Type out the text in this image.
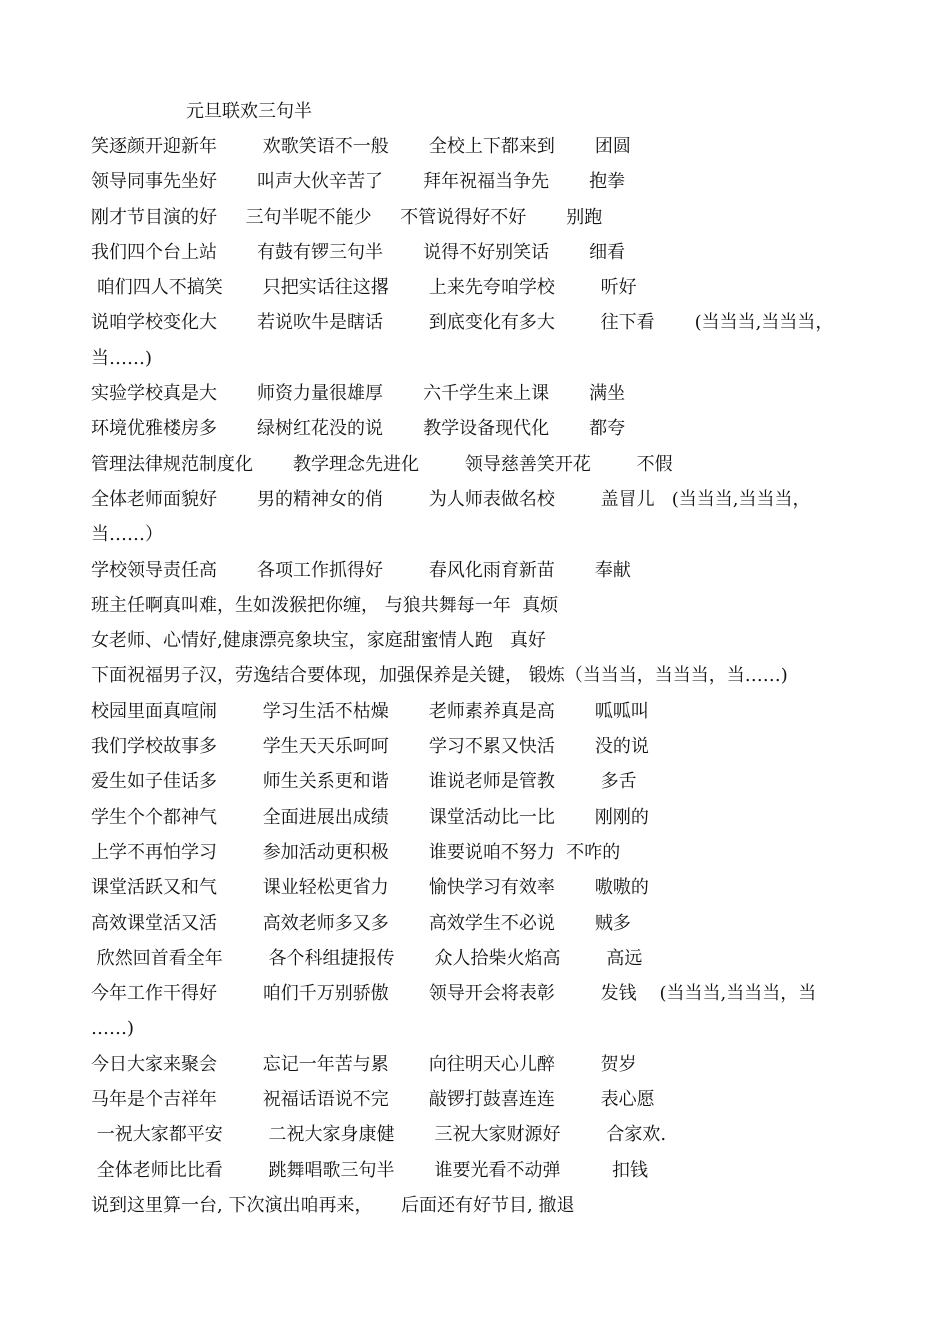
元旦联欢三句半
笑逐颜开迎新年        欢歌笑语不一般       全校上下都来到       团圆
领导同事先坐好       叫声大伙辛苦了       拜年祝福当争先       抱拳
刚才节目演的好     三句半呢不能少     不管说得好不好       别跑
我们四个台上站       有鼓有锣三句半       说得不好别笑话       细看
咱们四人不搞笑       只把实话往这撂       上来先夸咱学校        听好
说咱学校变化大       若说吹牛是瞎话        到底变化有多大        往下看       (当当当,当当当，
当……)
实验学校真是大       师资力量很雄厚       六千学生来上课       满坐
环境优雅楼房多       绿树红花没的说       教学设备现代化       都夸
管理法律规范制度化       教学理念先进化        领导慈善笑开花        不假
全体老师面貌好       男的精神女的俏        为人师表做名校        盖冒儿   (当当当,当当当，
当……）
学校领导责任高       各项工作抓得好        春风化雨育新苗       奉献
班主任啊真叫难，生如泼猴把你缠， 与狼共舞每一年  真烦
女老师、心情好,健康漂亮象块宝，家庭甜蜜情人跑   真好
下面祝福男子汉，劳逸结合要体现，加强保养是关键， 锻炼（当当当，当当当，当……)
校园里面真喧闹        学习生活不枯燥       老师素养真是高       呱呱叫
我们学校故事多        学生天天乐呵呵       学习不累又快活       没的说
爱生如子佳话多        师生关系更和谐       谁说老师是管教        多舌
学生个个都神气        全面进展出成绩       课堂活动比一比       刚刚的
上学不再怕学习        参加活动更积极       谁要说咱不努力  不咋的
课堂活跃又和气        课业轻松更省力       愉快学习有效率       嗷嗷的
高效课堂活又活        高效老师多又多       高效学生不必说       贼多
欣然回首看全年        各个科组捷报传       众人拾柴火焰高        高远
今年工作干得好        咱们千万别骄傲       领导开会将表彰        发钱    (当当当,当当当，当
……)
今日大家来聚会        忘记一年苦与累       向往明天心儿醉        贺岁
马年是个吉祥年        祝福话语说不完       敲锣打鼓喜连连        表心愿
一祝大家都平安        二祝大家身康健       三祝大家财源好        合家欢.
全体老师比比看        跳舞唱歌三句半       谁要光看不动弹         扣钱
说到这里算一台, 下次演出咱再来，     后面还有好节目, 撤退
